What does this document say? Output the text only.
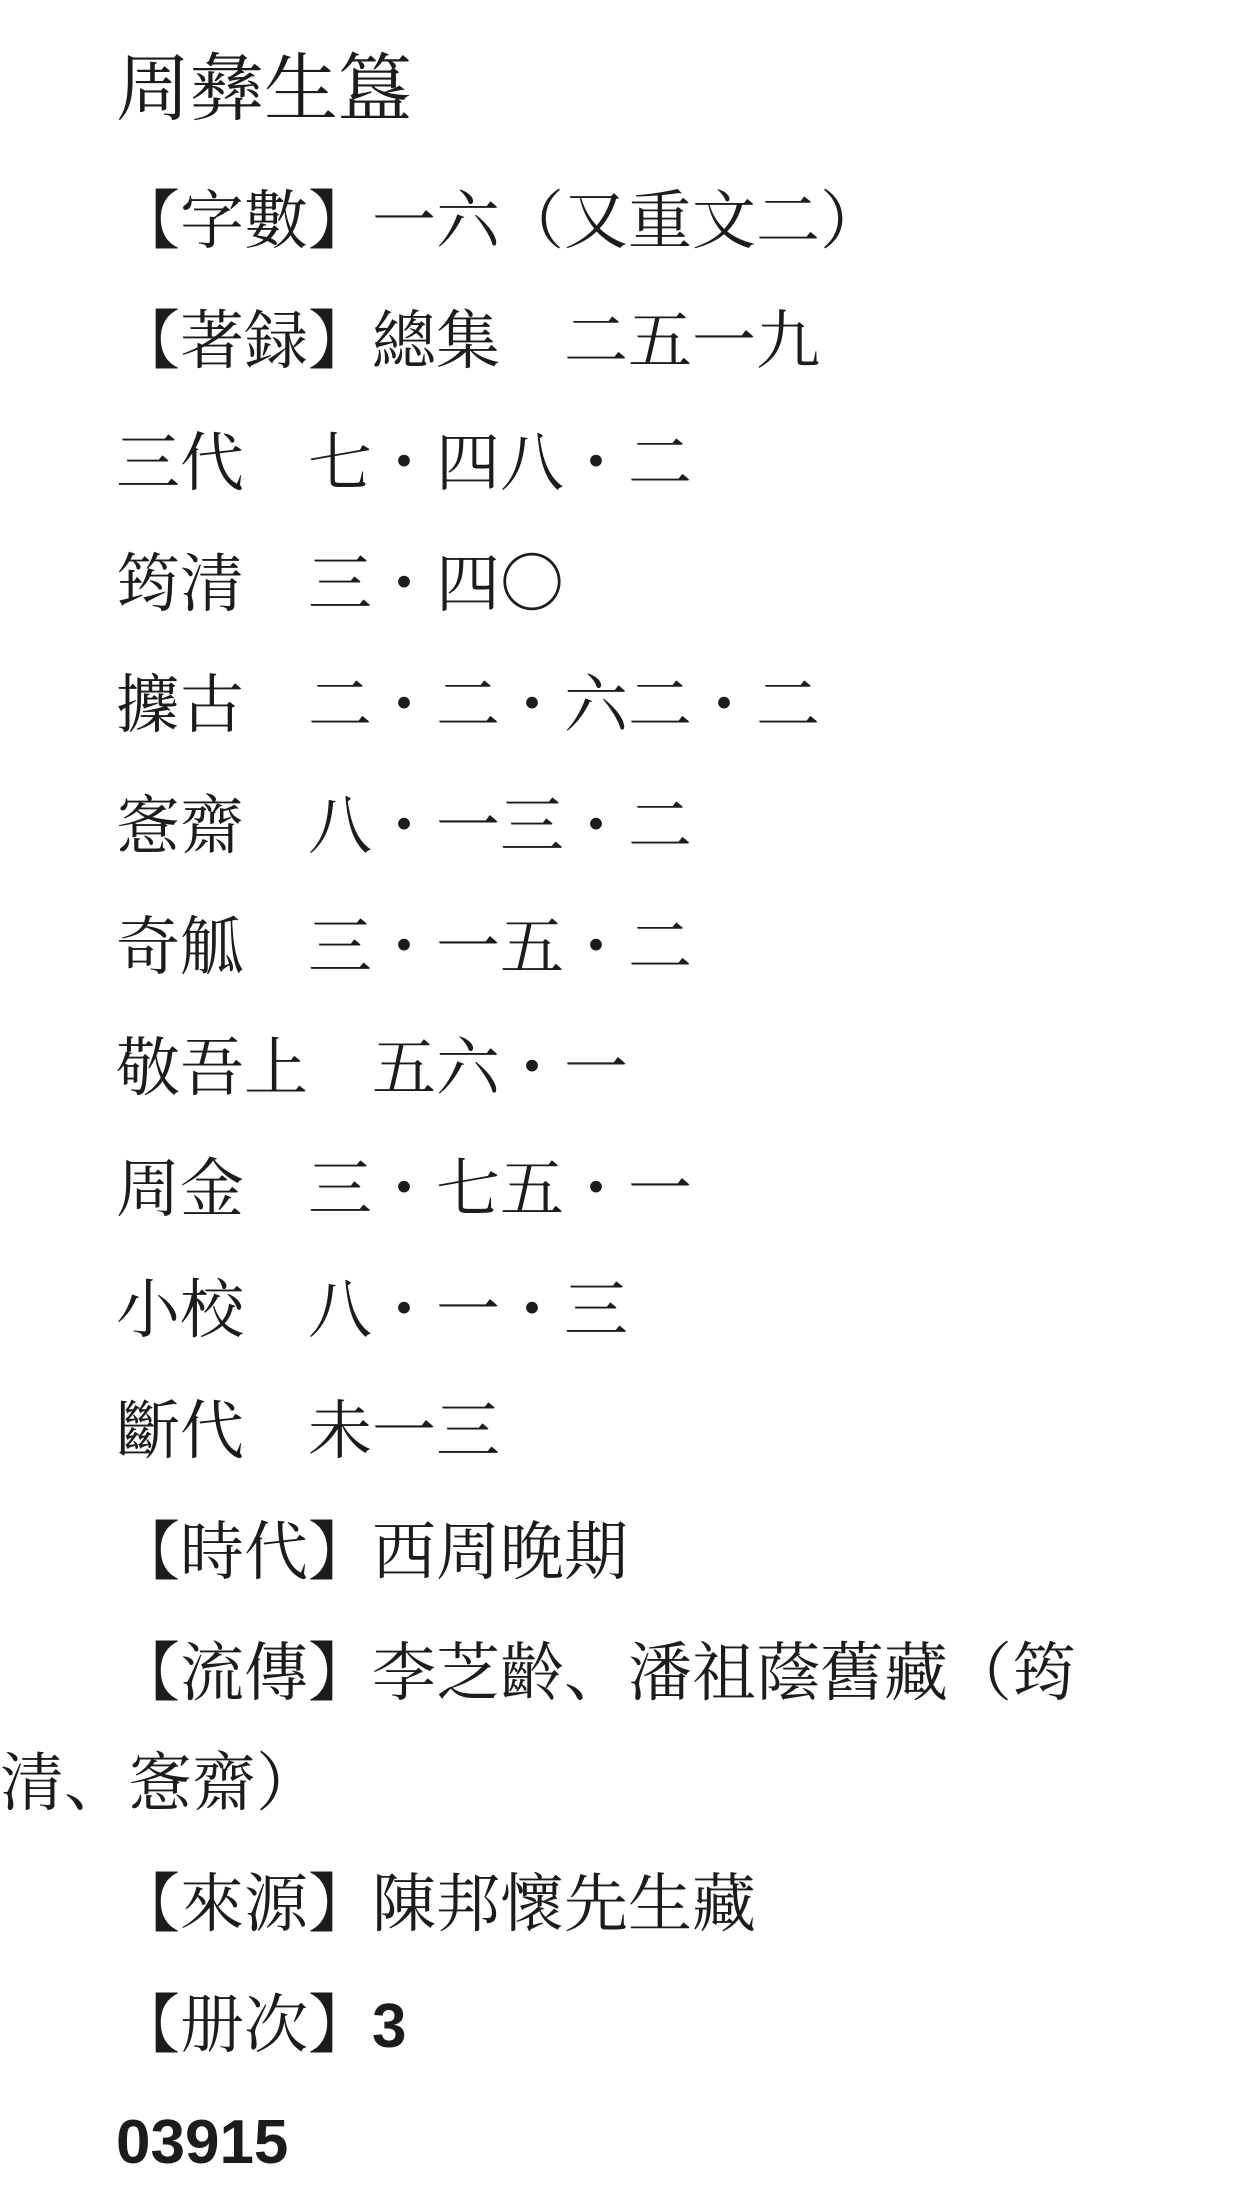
周彝生簋
【字數】一六（又重文二）
【著録】總集　二五一九
三代 七・四八・二
筠清 三・四〇
攈古 二・二・六二・二
愙齋 八・一三・二
奇觚 三・一五・二
敬吾上 五六・一
周金 三・七五・一
小校 八・一・三
斷代 未一三
【時代】西周晚期
【流傳】李芝齡、潘祖蔭舊藏（筠
清、愙齋）
【來源】陳邦懷先生藏
【册次】3
03915
